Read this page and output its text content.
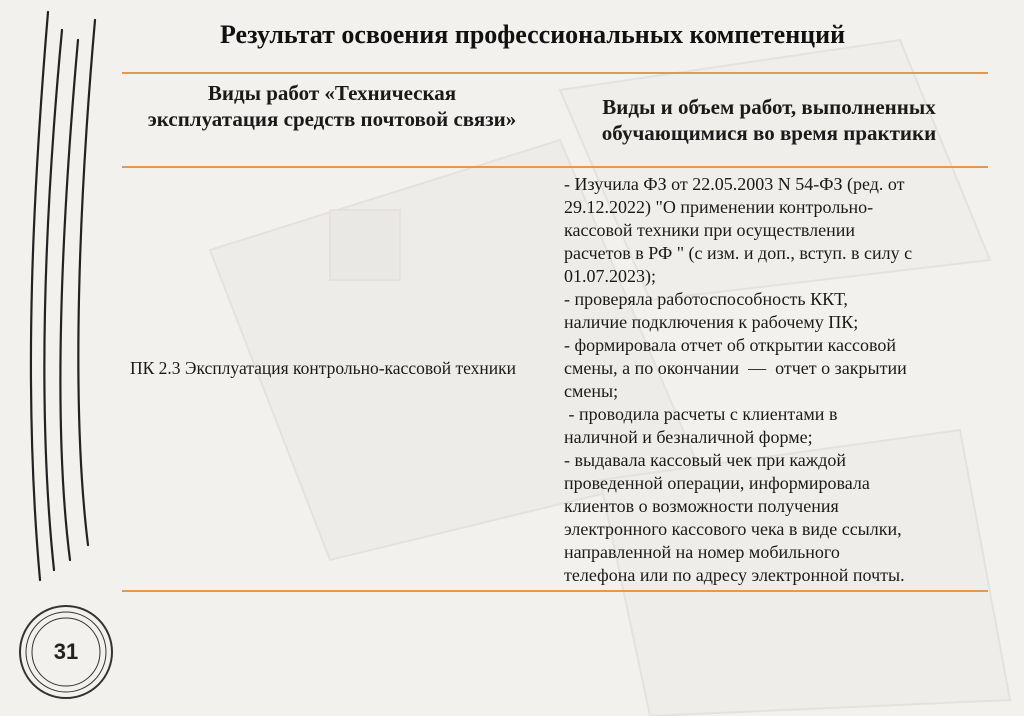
Результат освоения профессиональных компетенций
Виды работ «Техническая эксплуатация средств почтовой связи»	Виды и объем работ, выполненных обучающимися во время практики
ПК 2.3 Эксплуатация контрольно-кассовой техники
- Изучила ФЗ от 22.05.2003 N 54-ФЗ (ред. от
29.12.2022) "О применении контрольно-
кассовой техники при осуществлении
расчетов в РФ " (с изм. и доп., вступ. в силу с
01.07.2023);
- проверяла работоспособность ККТ,
наличие подключения к рабочему ПК;
- формировала отчет об открытии кассовой
смены, а по окончании  —  отчет о закрытии
смены;
- проводила расчеты с клиентами в
наличной и безналичной форме;
- выдавала кассовый чек при каждой
проведенной операции, информировала
клиентов о возможности получения
электронного кассового чека в виде ссылки,
направленной на номер мобильного
телефона или по адресу электронной почты.
31
